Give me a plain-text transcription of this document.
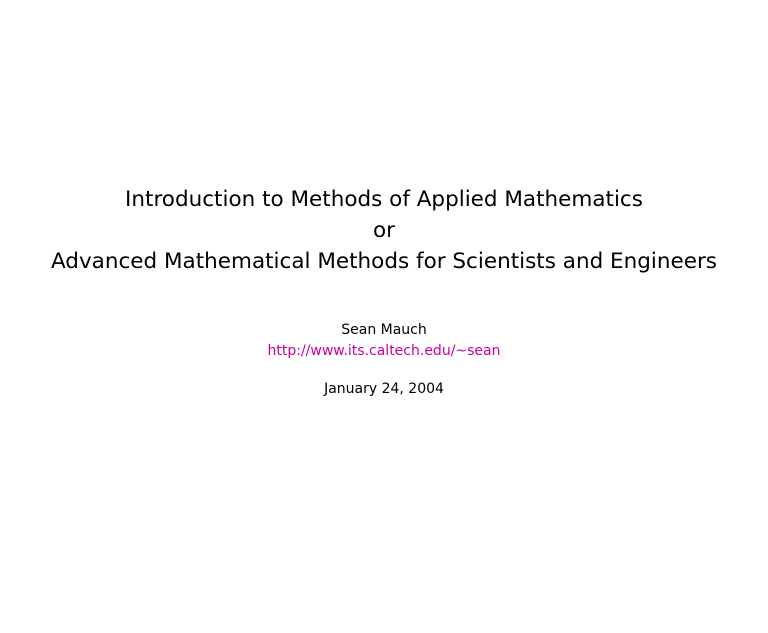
Introduction to Methods of Applied Mathematics
or
Advanced Mathematical Methods for Scientists and Engineers
Sean Mauch
http://www.its.caltech.edu/~sean
January 24, 2004
